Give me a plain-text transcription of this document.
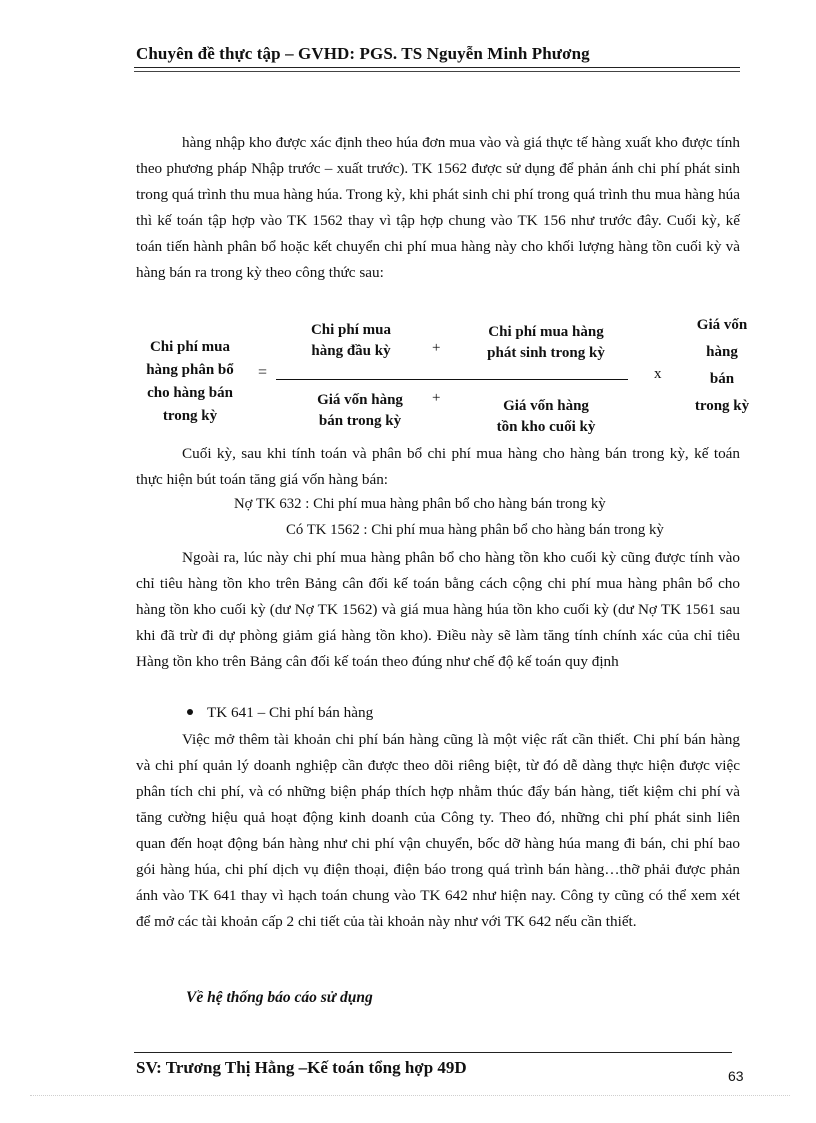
Chuyên đề thực tập – GVHD: PGS. TS Nguyễn Minh Phương

hàng nhập kho được xác định theo húa đơn mua vào và giá thực tế hàng xuất kho được tính theo phương pháp Nhập trước – xuất trước). TK 1562 được sử dụng để phản ánh chi phí phát sinh trong quá trình thu mua hàng húa. Trong kỳ, khi phát sinh chi phí trong quá trình thu mua hàng húa thì kế toán tập hợp vào TK 1562 thay vì tập hợp chung vào TK 156 như trước đây. Cuối kỳ, kế toán tiến hành phân bổ hoặc kết chuyển chi phí mua hàng này cho khối lượng hàng tồn cuối kỳ và hàng bán ra trong kỳ theo công thức sau:

Chi phí mua
hàng phân bổ
cho hàng bán
trong kỳ
=
Chi phí mua
hàng đầu kỳ	+
Chi phí mua hàng
phát sinh trong kỳ
Giá vốn hàng
bán trong kỳ
+	Giá vốn hàng
tồn kho cuối kỳ
x
Giá vốn
hàng
bán
trong kỳ

Cuối kỳ, sau khi tính toán và phân bổ chi phí mua hàng cho hàng bán trong kỳ, kế toán thực hiện bút toán tăng giá vốn hàng bán:

Nợ TK 632 : Chi phí mua hàng phân bổ cho hàng bán trong kỳ
Có TK 1562 : Chi phí mua hàng phân bổ cho hàng bán trong kỳ

Ngoài ra, lúc này chi phí mua hàng phân bổ cho hàng tồn kho cuối kỳ cũng được tính vào chỉ tiêu hàng tồn kho trên Bảng cân đối kế toán bằng cách cộng chi phí mua hàng phân bổ cho hàng tồn kho cuối kỳ (dư Nợ TK 1562) và giá mua hàng húa tồn kho cuối kỳ (dư Nợ TK 1561 sau khi đã trừ đi dự phòng giảm giá hàng tồn kho). Điều này sẽ làm tăng tính chính xác của chỉ tiêu Hàng tồn kho trên Bảng cân đối kế toán theo đúng như chế độ kế toán quy định

TK 641 – Chi phí bán hàng

Việc mở thêm tài khoản chi phí bán hàng cũng là một việc rất cần thiết. Chi phí bán hàng và chi phí quản lý doanh nghiệp cần được theo dõi riêng biệt, từ đó dễ dàng thực hiện được việc phân tích chi phí, và có những biện pháp thích hợp nhằm thúc đẩy bán hàng, tiết kiệm chi phí và tăng cường hiệu quả hoạt động kinh doanh của Công ty. Theo đó, những chi phí phát sinh liên quan đến hoạt động bán hàng như chi phí vận chuyển, bốc dỡ hàng húa mang đi bán, chi phí bao gói hàng húa, chi phí dịch vụ điện thoại, điện báo trong quá trình bán hàng…thỡ phải được phản ánh vào TK 641 thay vì hạch toán chung vào TK 642 như hiện nay. Công ty cũng có thể xem xét để mở các tài khoản cấp 2 chi tiết của tài khoản này như với TK 642 nếu cần thiết.

Về hệ thống báo cáo sử dụng
SV: Trương Thị Hằng –Kế toán tổng hợp 49D	63
